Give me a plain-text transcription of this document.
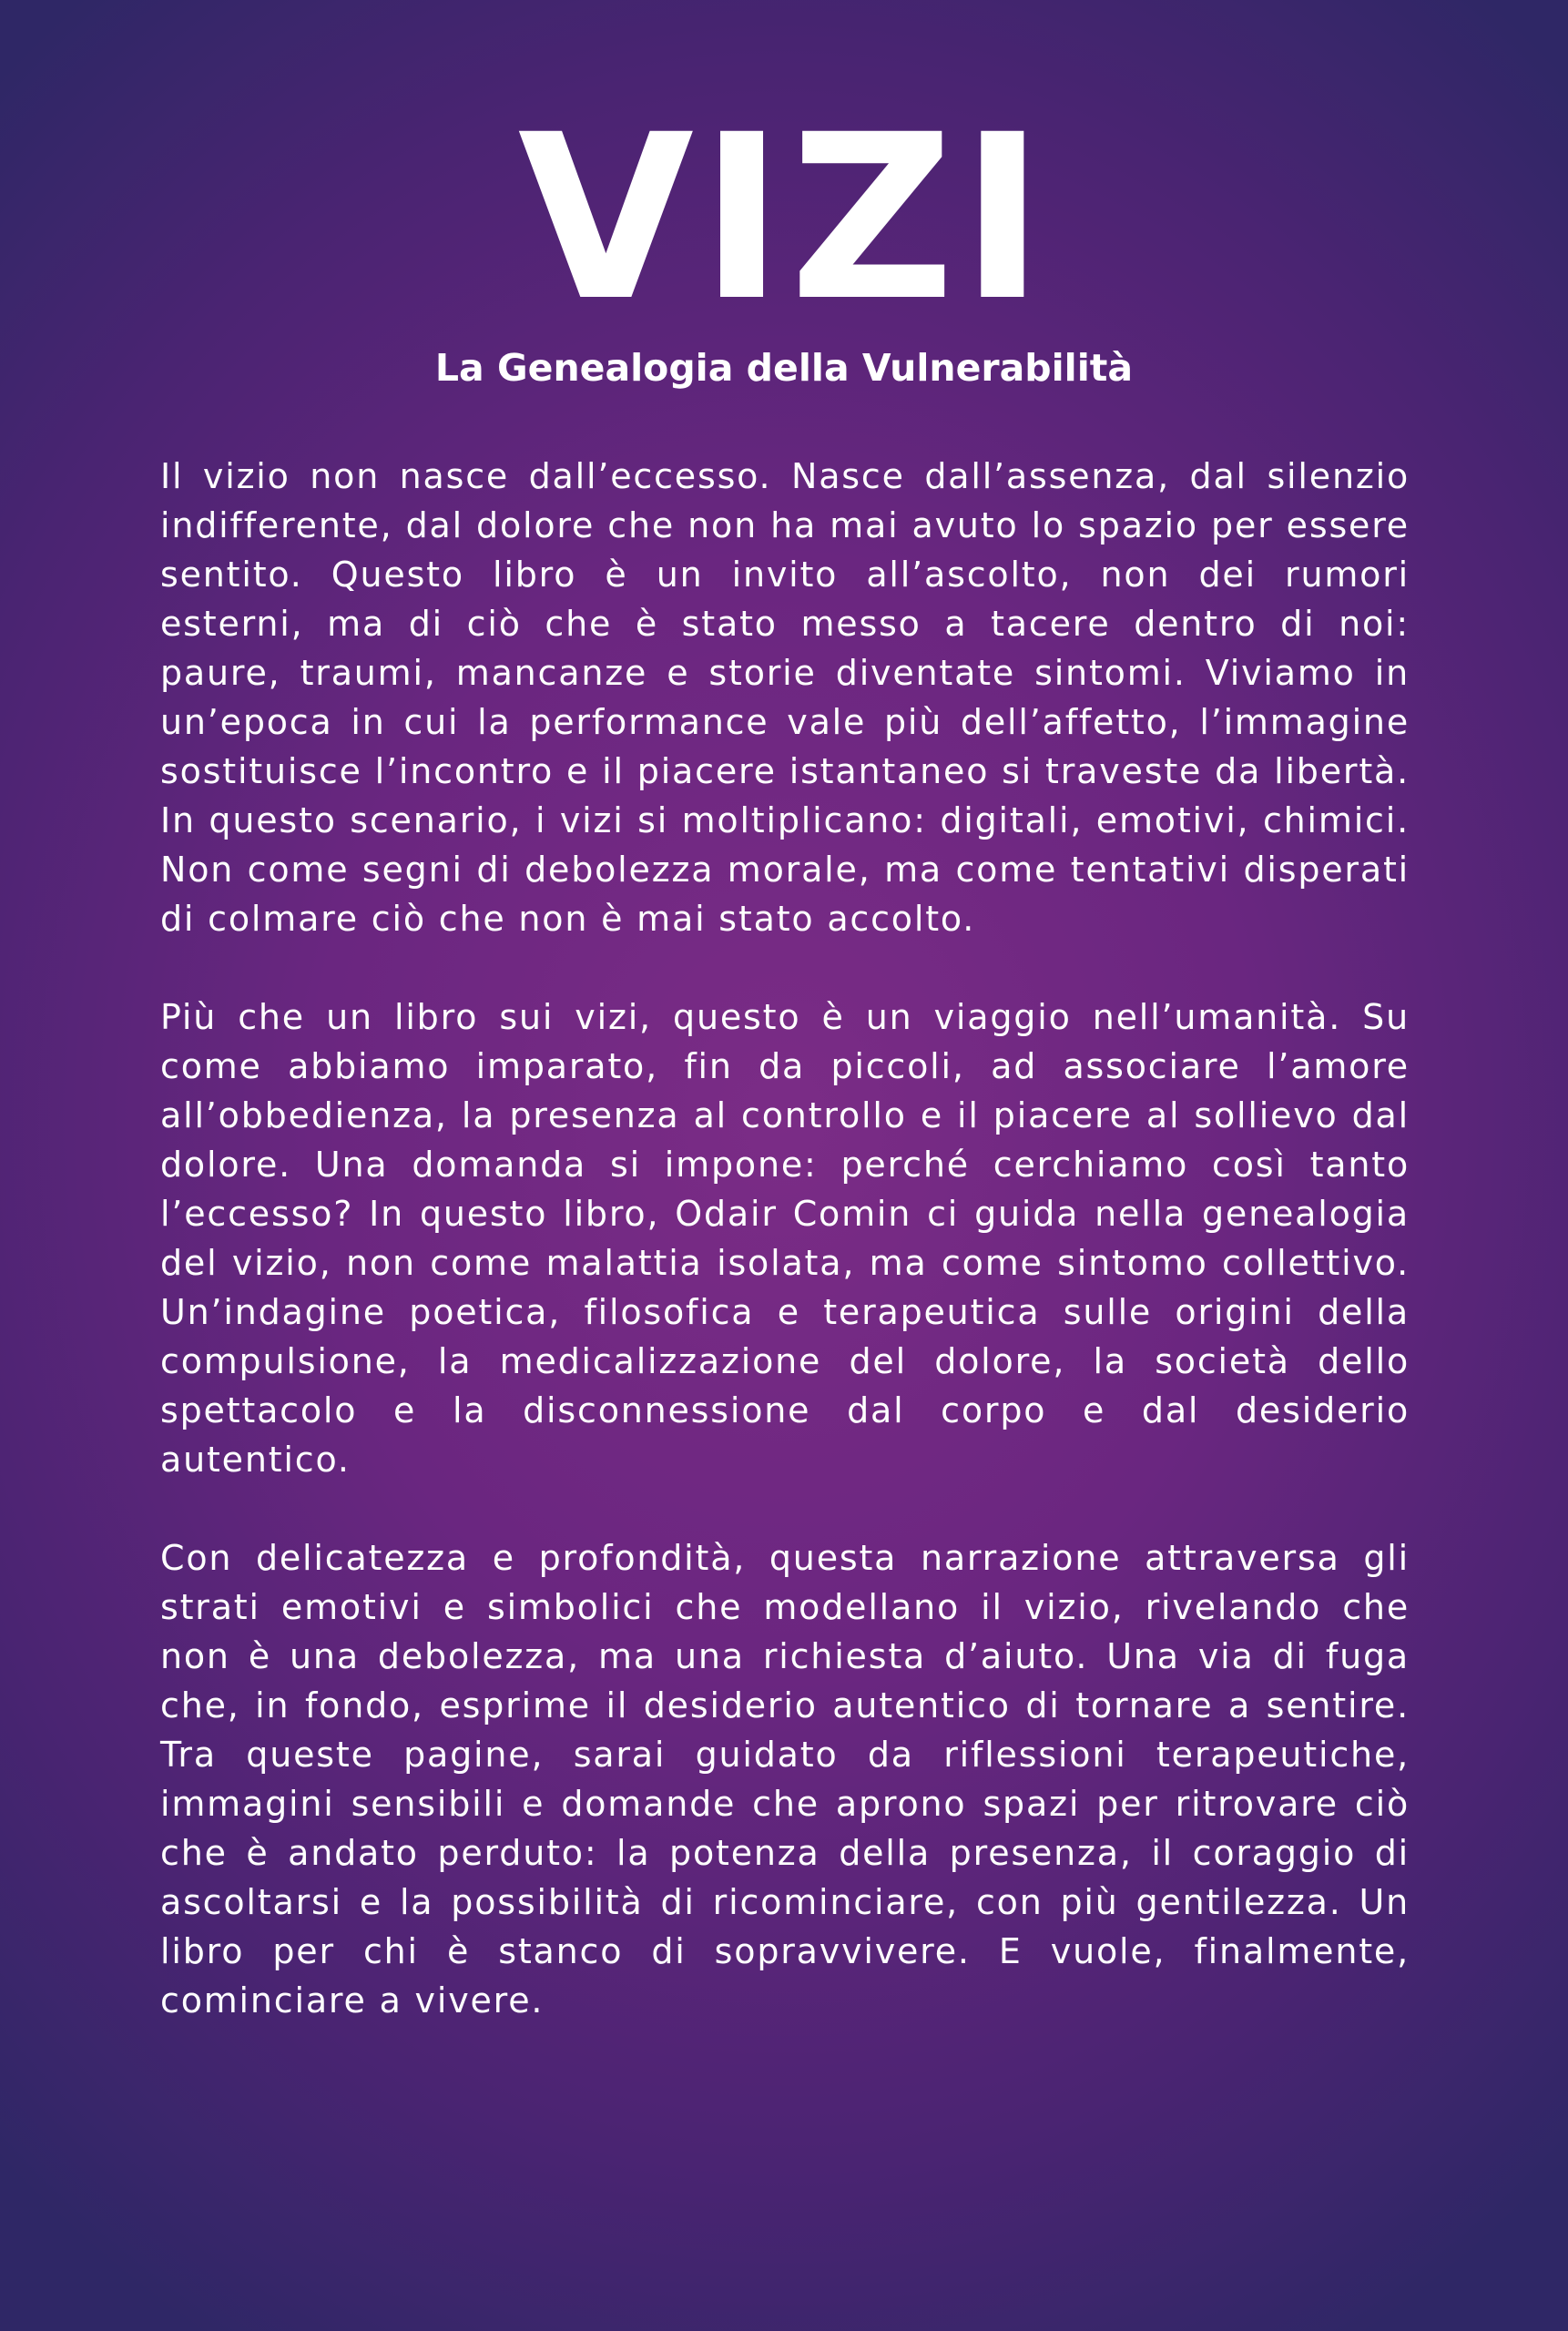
VIZI
La Genealogia della Vulnerabilità

Il vizio non nasce dall’eccesso. Nasce dall’assenza, dal silenzio indifferente, dal dolore che non ha mai avuto lo spazio per essere sentito. Questo libro è un invito all’ascolto, non dei rumori esterni, ma di ciò che è stato messo a tacere dentro di noi: paure, traumi, mancanze e storie diventate sintomi. Viviamo in un’epoca in cui la performance vale più dell’affetto, l’immagine sostituisce l’incontro e il piacere istantaneo si traveste da libertà. In questo scenario, i vizi si moltiplicano: digitali, emotivi, chimici. Non come segni di debolezza morale, ma come tentativi disperati di colmare ciò che non è mai stato accolto.

Più che un libro sui vizi, questo è un viaggio nell’umanità. Su come abbiamo imparato, fin da piccoli, ad associare l’amore all’obbedienza, la presenza al controllo e il piacere al sollievo dal dolore. Una domanda si impone: perché cerchiamo così tanto l’eccesso? In questo libro, Odair Comin ci guida nella genealogia del vizio, non come malattia isolata, ma come sintomo collettivo. Un’indagine poetica, filosofica e terapeutica sulle origini della compulsione, la medicalizzazione del dolore, la società dello spettacolo e la disconnessione dal corpo e dal desiderio autentico.

Con delicatezza e profondità, questa narrazione attraversa gli strati emotivi e simbolici che modellano il vizio, rivelando che non è una debolezza, ma una richiesta d’aiuto. Una via di fuga che, in fondo, esprime il desiderio autentico di tornare a sentire. Tra queste pagine, sarai guidato da riflessioni terapeutiche, immagini sensibili e domande che aprono spazi per ritrovare ciò che è andato perduto: la potenza della presenza, il coraggio di ascoltarsi e la possibilità di ricominciare, con più gentilezza. Un libro per chi è stanco di sopravvivere. E vuole, finalmente, cominciare a vivere.
